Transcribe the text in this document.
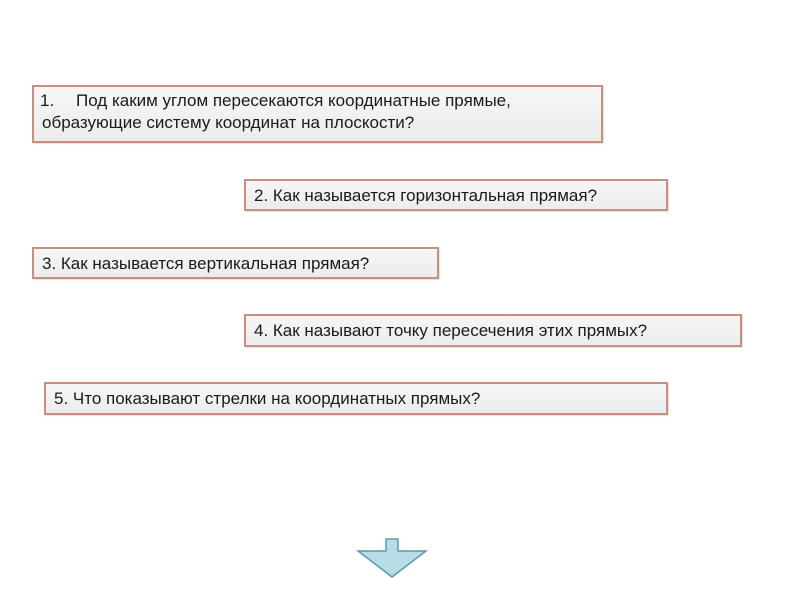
1. Под каким углом пересекаются координатные прямые,
образующие систему координат на плоскости?
2. Как называется горизонтальная прямая?
3. Как называется вертикальная прямая?
4. Как называют точку пересечения этих прямых?
5. Что показывают стрелки на координатных прямых?
